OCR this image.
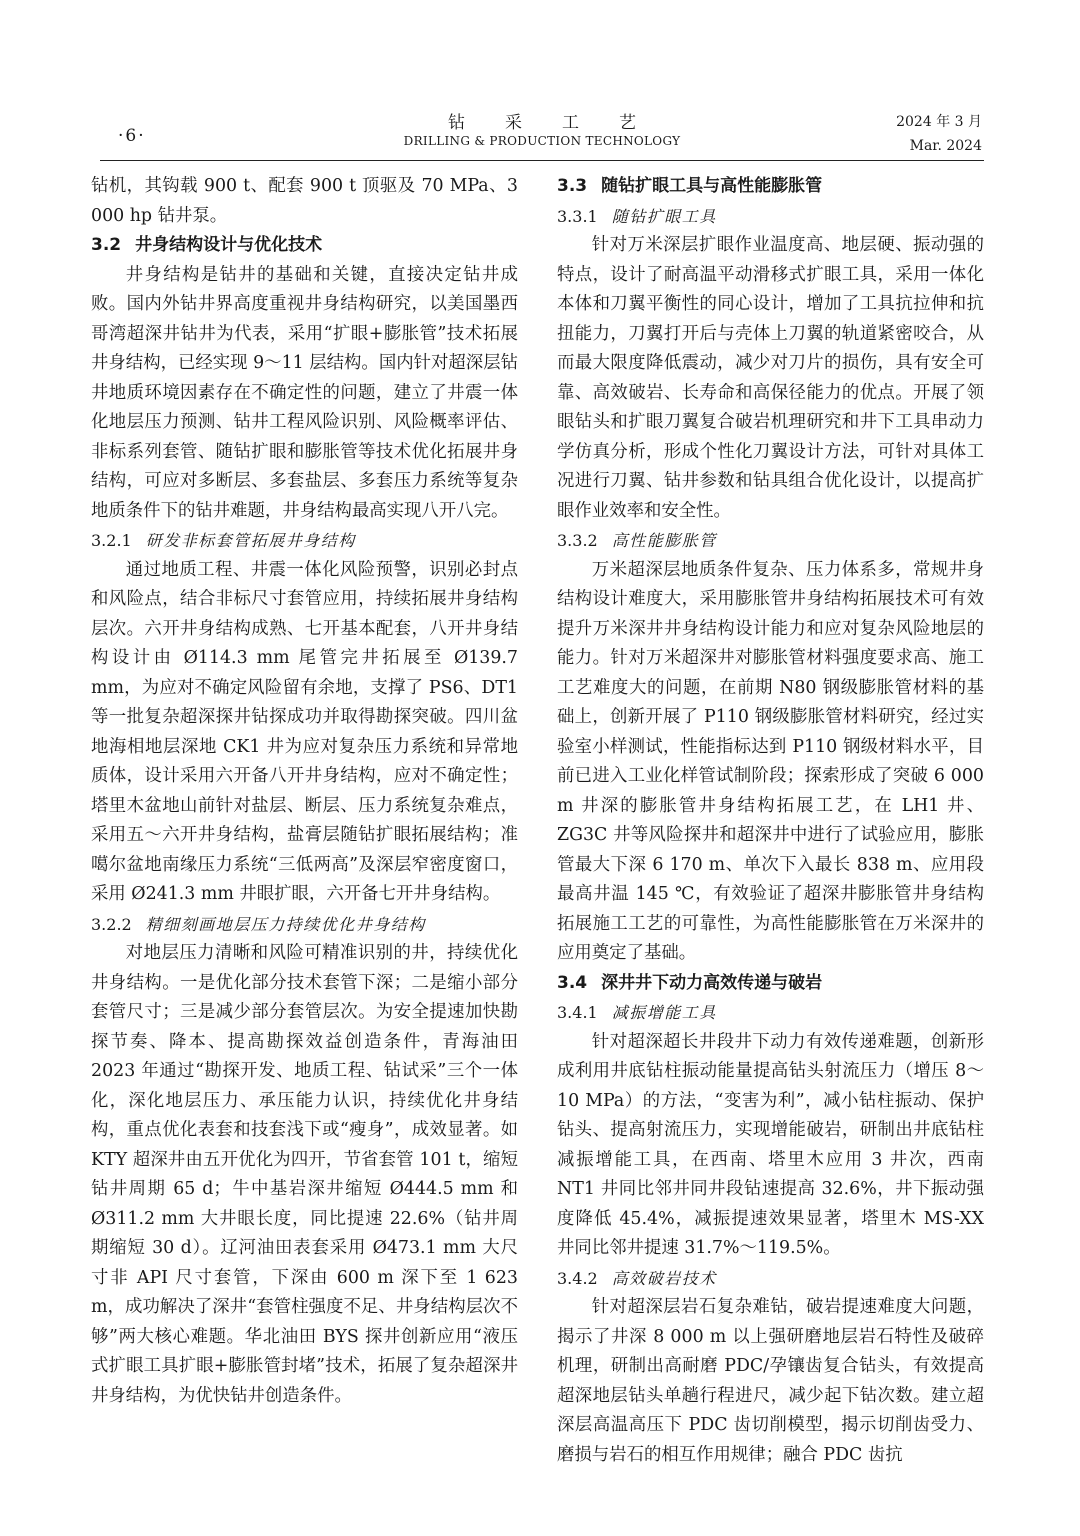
·6·
钻采工艺
DRILLING & PRODUCTION TECHNOLOGY
2024 年 3 月
Mar. 2024

钻机，其钩载 900 t、配套 900 t 顶驱及 70 MPa、3 000 hp 钻井泵。

3.2 井身结构设计与优化技术

井身结构是钻井的基础和关键，直接决定钻井成败。国内外钻井界高度重视井身结构研究，以美国墨西哥湾超深井钻井为代表，采用“扩眼+膨胀管”技术拓展井身结构，已经实现 9～11 层结构。国内针对超深层钻井地质环境因素存在不确定性的问题，建立了井震一体化地层压力预测、钻井工程风险识别、风险概率评估、非标系列套管、随钻扩眼和膨胀管等技术优化拓展井身结构，可应对多断层、多套盐层、多套压力系统等复杂地质条件下的钻井难题，井身结构最高实现八开八完。

3.2.1 研发非标套管拓展井身结构

通过地质工程、井震一体化风险预警，识别必封点和风险点，结合非标尺寸套管应用，持续拓展井身结构层次。六开井身结构成熟、七开基本配套，八开井身结构设计由 Ø114.3 mm 尾管完井拓展至 Ø139.7 mm，为应对不确定风险留有余地，支撑了 PS6、DT1 等一批复杂超深探井钻探成功并取得勘探突破。四川盆地海相地层深地 CK1 井为应对复杂压力系统和异常地质体，设计采用六开备八开井身结构，应对不确定性；塔里木盆地山前针对盐层、断层、压力系统复杂难点，采用五～六开井身结构，盐膏层随钻扩眼拓展结构；准噶尔盆地南缘压力系统“三低两高”及深层窄密度窗口，采用 Ø241.3 mm 井眼扩眼，六开备七开井身结构。

3.2.2 精细刻画地层压力持续优化井身结构

对地层压力清晰和风险可精准识别的井，持续优化井身结构。一是优化部分技术套管下深；二是缩小部分套管尺寸；三是减少部分套管层次。为安全提速加快勘探节奏、降本、提高勘探效益创造条件，青海油田 2023 年通过“勘探开发、地质工程、钻试采”三个一体化，深化地层压力、承压能力认识，持续优化井身结构，重点优化表套和技套浅下或“瘦身”，成效显著。如 KTY 超深井由五开优化为四开，节省套管 101 t，缩短钻井周期 65 d；牛中基岩深井缩短 Ø444.5 mm 和 Ø311.2 mm 大井眼长度，同比提速 22.6%（钻井周期缩短 30 d）。辽河油田表套采用 Ø473.1 mm 大尺寸非 API 尺寸套管，下深由 600 m 深下至 1 623 m，成功解决了深井“套管柱强度不足、井身结构层次不够”两大核心难题。华北油田 BYS 探井创新应用“液压式扩眼工具扩眼+膨胀管封堵”技术，拓展了复杂超深井井身结构，为优快钻井创造条件。

3.3 随钻扩眼工具与高性能膨胀管
3.3.1 随钻扩眼工具

针对万米深层扩眼作业温度高、地层硬、振动强的特点，设计了耐高温平动滑移式扩眼工具，采用一体化本体和刀翼平衡性的同心设计，增加了工具抗拉伸和抗扭能力，刀翼打开后与壳体上刀翼的轨道紧密咬合，从而最大限度降低震动，减少对刀片的损伤，具有安全可靠、高效破岩、长寿命和高保径能力的优点。开展了领眼钻头和扩眼刀翼复合破岩机理研究和井下工具串动力学仿真分析，形成个性化刀翼设计方法，可针对具体工况进行刀翼、钻井参数和钻具组合优化设计，以提高扩眼作业效率和安全性。

3.3.2 高性能膨胀管

万米超深层地质条件复杂、压力体系多，常规井身结构设计难度大，采用膨胀管井身结构拓展技术可有效提升万米深井井身结构设计能力和应对复杂风险地层的能力。针对万米超深井对膨胀管材料强度要求高、施工工艺难度大的问题，在前期 N80 钢级膨胀管材料的基础上，创新开展了 P110 钢级膨胀管材料研究，经过实验室小样测试，性能指标达到 P110 钢级材料水平，目前已进入工业化样管试制阶段；探索形成了突破 6 000 m 井深的膨胀管井身结构拓展工艺，在 LH1 井、ZG3C 井等风险探井和超深井中进行了试验应用，膨胀管最大下深 6 170 m、单次下入最长 838 m、应用段最高井温 145 ℃，有效验证了超深井膨胀管井身结构拓展施工工艺的可靠性，为高性能膨胀管在万米深井的应用奠定了基础。

3.4 深井井下动力高效传递与破岩
3.4.1 减振增能工具

针对超深超长井段井下动力有效传递难题，创新形成利用井底钻柱振动能量提高钻头射流压力（增压 8～10 MPa）的方法，“变害为利”，减小钻柱振动、保护钻头、提高射流压力，实现增能破岩，研制出井底钻柱减振增能工具，在西南、塔里木应用 3 井次，西南 NT1 井同比邻井同井段钻速提高 32.6%，井下振动强度降低 45.4%，减振提速效果显著，塔里木 MS-XX 井同比邻井提速 31.7%～119.5%。

3.4.2 高效破岩技术

针对超深层岩石复杂难钻，破岩提速难度大问题，揭示了井深 8 000 m 以上强研磨地层岩石特性及破碎机理，研制出高耐磨 PDC/孕镶齿复合钻头，有效提高超深地层钻头单趟行程进尺，减少起下钻次数。建立超深层高温高压下 PDC 齿切削模型，揭示切削齿受力、磨损与岩石的相互作用规律；融合 PDC 齿抗
